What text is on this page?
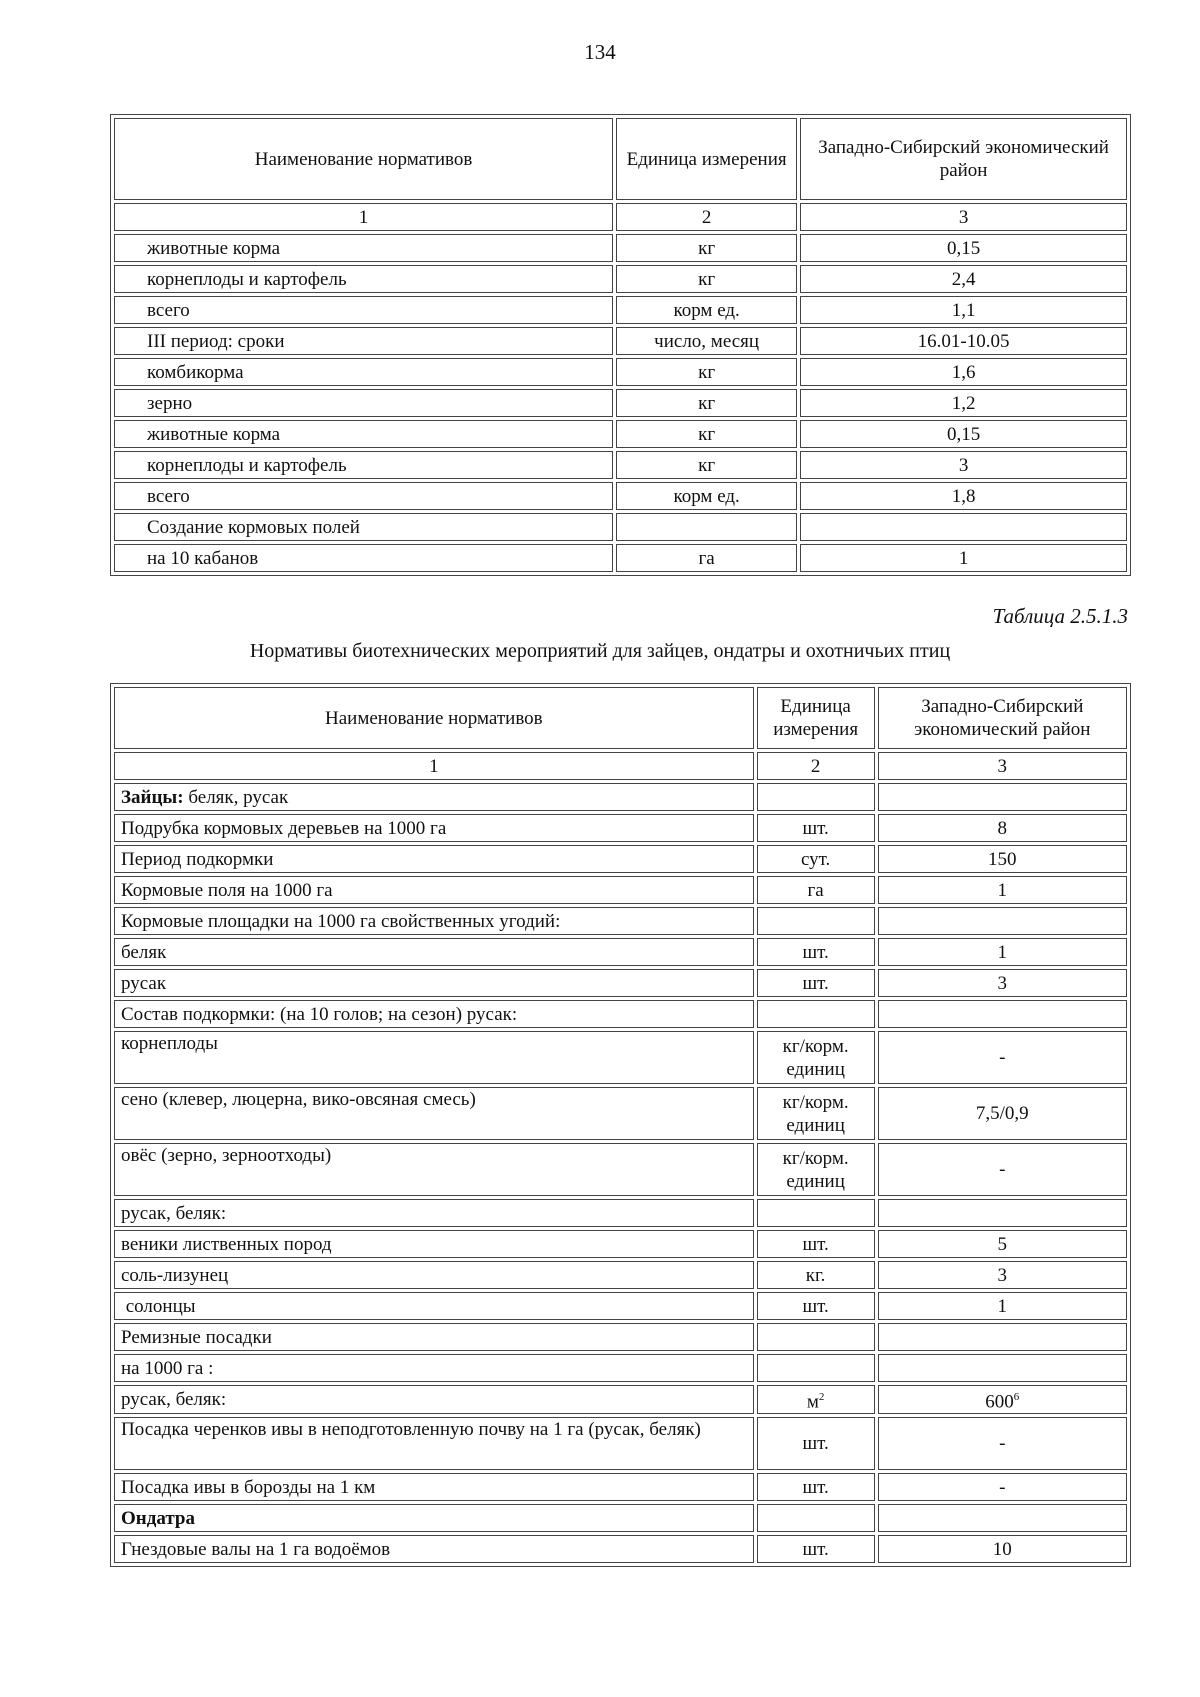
134
Наименование нормативов	Единица измерения	Западно-Сибирский экономический район
1	2	3
животные корма	кг	0,15
корнеплоды и картофель	кг	2,4
всего	корм ед.	1,1
III период: сроки	число, месяц	16.01-10.05
комбикорма	кг	1,6
зерно	кг	1,2
животные корма	кг	0,15
корнеплоды и картофель	кг	3
всего	корм ед.	1,8
Создание кормовых полей		
на 10 кабанов	га	1
Таблица 2.5.1.3
Нормативы биотехнических мероприятий для зайцев, ондатры и охотничьих птиц
Наименование нормативов	Единица измерения	Западно-Сибирский экономический район
1	2	3
Зайцы: беляк, русак		
Подрубка кормовых деревьев на 1000 га	шт.	8
Период подкормки	сут.	150
Кормовые поля на 1000 га	га	1
Кормовые площадки на 1000 га свойственных угодий:		
беляк	шт.	1
русак	шт.	3
Состав подкормки: (на 10 голов; на сезон) русак:		
корнеплоды	кг/корм. единиц	-
сено (клевер, люцерна, вико-овсяная смесь)	кг/корм. единиц	7,5/0,9
овёс (зерно, зерноотходы)	кг/корм. единиц	-
русак, беляк:		
веники лиственных пород	шт.	5
соль-лизунец	кг.	3
солонцы	шт.	1
Ремизные посадки		
на 1000 га :		
русак, беляк:	$м^2$	$600^6$
Посадка черенков ивы в неподготовленную почву на 1 га (русак, беляк)	шт.	-
Посадка ивы в борозды на 1 км	шт.	-
Ондатра		
Гнездовые валы на 1 га водоёмов	шт.	10
